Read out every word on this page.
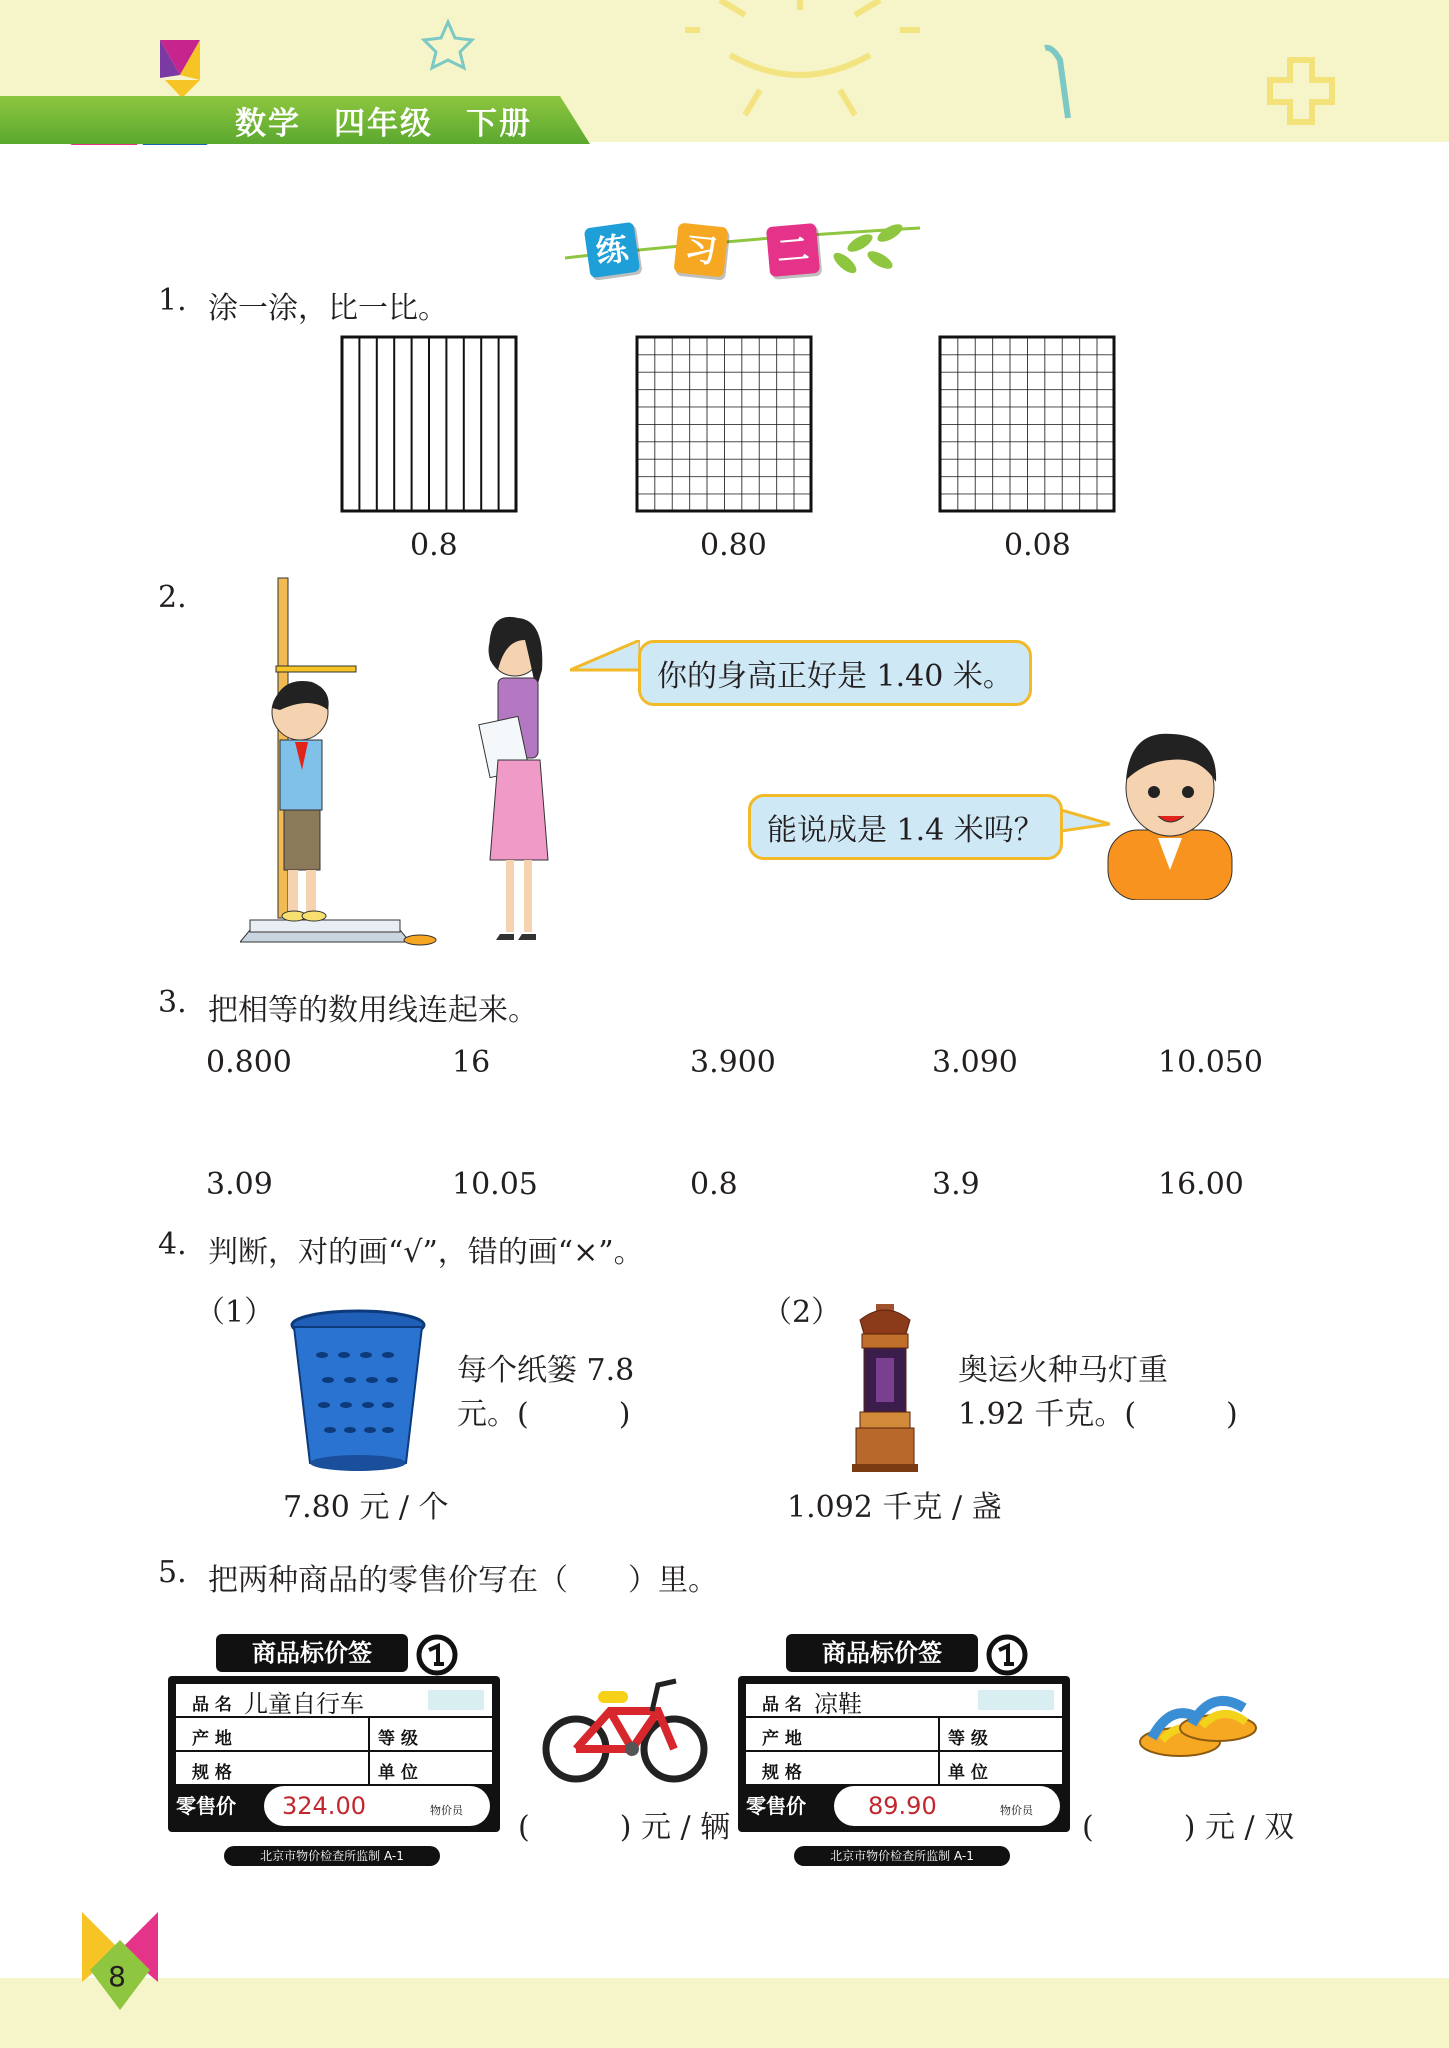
数学　四年级　下册
练	习 二
1. 涂一涂，比一比。
0.8	0.80	0.08
2.
你的身高正好是 1.40 米。
能说成是 1.4 米吗？
3. 把相等的数用线连起来。
0.800	16	3.900	3.090	10.050
3.09	10.05	0.8	3.9	16.00
4. 判断，对的画“√”，错的画“×”。
（1）
每个纸篓 7.8
元。(　　　)
7.80 元 / 个
（2）
奥运火种马灯重
1.92 千克。(　　　)
1.092 千克 / 盏
5. 把两种商品的零售价写在（　　）里。
商品标价签
品 名 儿童自行车
产 地	等 级
规 格	单 位
零售价 324.00	物价员
北京市物价检查所监制 A-1
(　　　) 元 / 辆
商品标价签
品 名 凉鞋
产 地	等 级
规 格	单 位
零售价	89.90	物价员
北京市物价检查所监制 A-1
(　　　) 元 / 双
8
